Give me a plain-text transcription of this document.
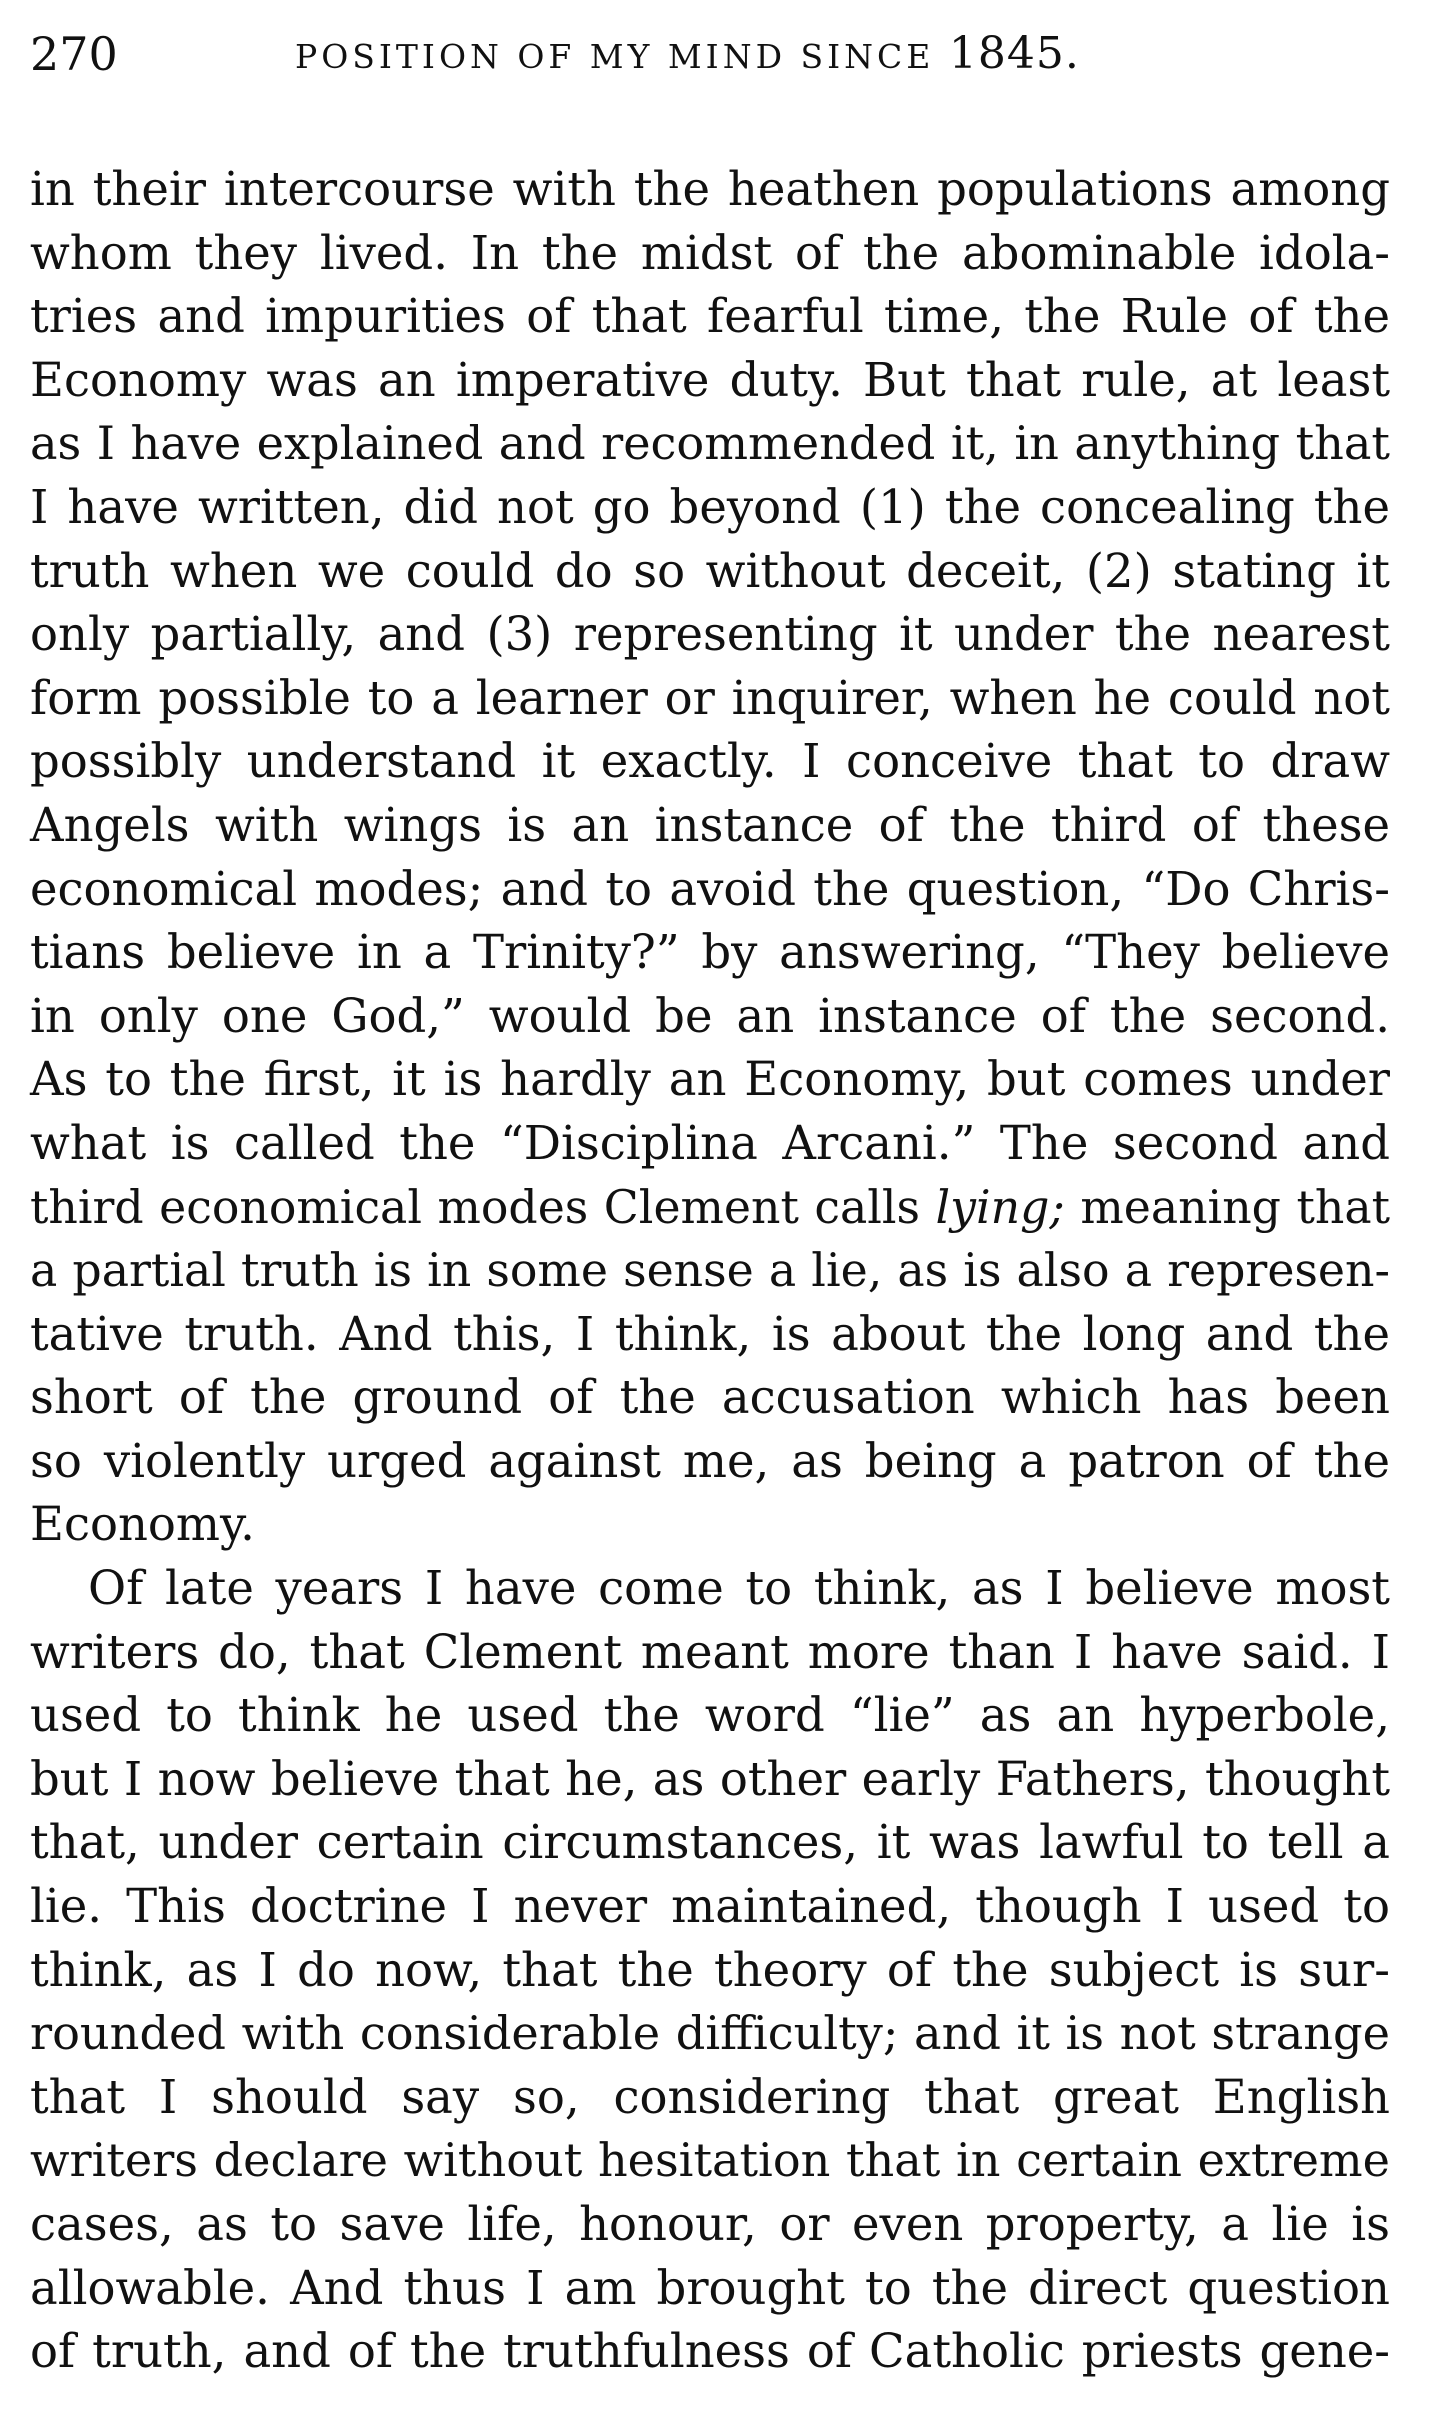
270	POSITION OF MY MIND SINCE 1845.
in their intercourse with the heathen populations among
whom they lived. In the midst of the abominable idola-
tries and impurities of that fearful time, the Rule of the
Economy was an imperative duty. But that rule, at least
as I have explained and recommended it, in anything that
I have written, did not go beyond (1) the concealing the
truth when we could do so without deceit, (2) stating it
only partially, and (3) representing it under the nearest
form possible to a learner or inquirer, when he could not
possibly understand it exactly. I conceive that to draw
Angels with wings is an instance of the third of these
economical modes; and to avoid the question, “Do Chris-
tians believe in a Trinity?” by answering, “They believe
in only one God,” would be an instance of the second.
As to the first, it is hardly an Economy, but comes under
what is called the “Disciplina Arcani.” The second and
third economical modes Clement calls lying; meaning that
a partial truth is in some sense a lie, as is also a represen-
tative truth. And this, I think, is about the long and the
short of the ground of the accusation which has been
so violently urged against me, as being a patron of the
Economy.
Of late years I have come to think, as I believe most
writers do, that Clement meant more than I have said. I
used to think he used the word “lie” as an hyperbole,
but I now believe that he, as other early Fathers, thought
that, under certain circumstances, it was lawful to tell a
lie. This doctrine I never maintained, though I used to
think, as I do now, that the theory of the subject is sur-
rounded with considerable difficulty; and it is not strange
that I should say so, considering that great English
writers declare without hesitation that in certain extreme
cases, as to save life, honour, or even property, a lie is
allowable. And thus I am brought to the direct question
of truth, and of the truthfulness of Catholic priests gene-
